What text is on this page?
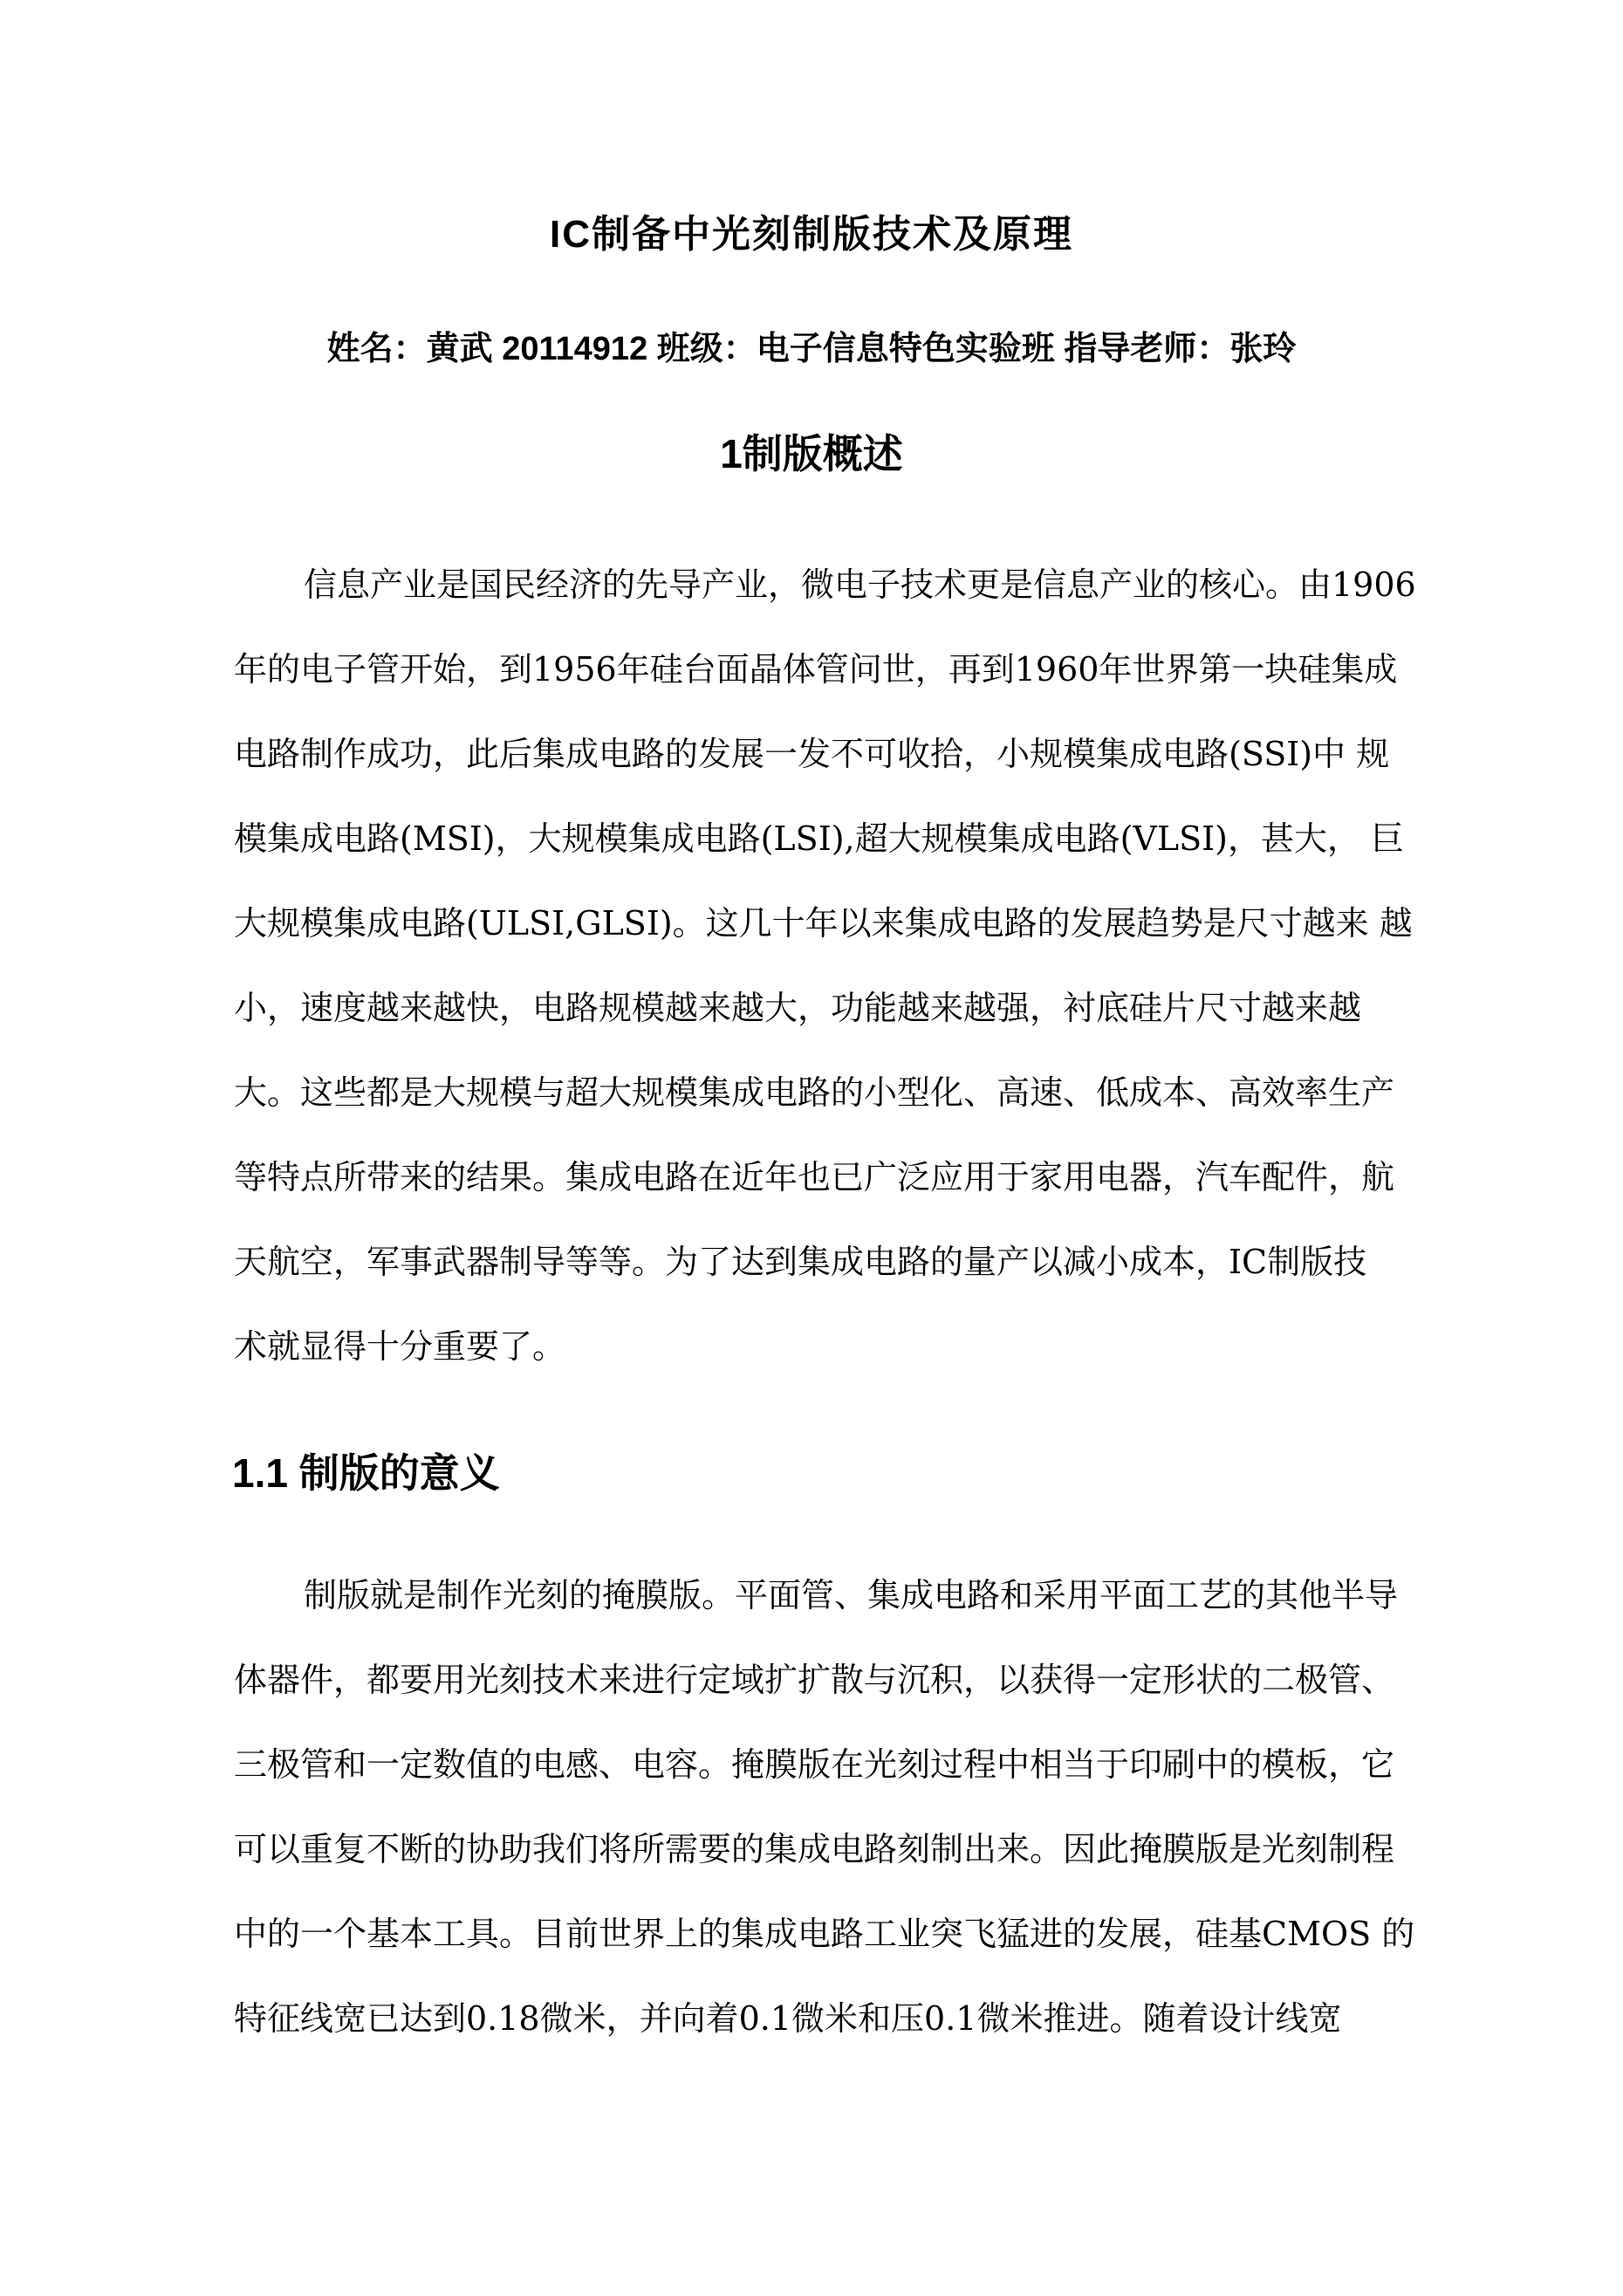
IC制备中光刻制版技术及原理
姓名：黄武 20114912 班级：电子信息特色实验班 指导老师：张玲
1制版概述
信息产业是国民经济的先导产业，微电子技术更是信息产业的核心。由1906
年的电子管开始，到1956年硅台面晶体管问世，再到1960年世界第一块硅集成
电路制作成功，此后集成电路的发展一发不可收拾，小规模集成电路(SSI)中 规
模集成电路(MSI)，大规模集成电路(LSI),超大规模集成电路(VLSI)，甚大， 巨
大规模集成电路(ULSI,GLSI)。这几十年以来集成电路的发展趋势是尺寸越来 越
小，速度越来越快，电路规模越来越大，功能越来越强，衬底硅片尺寸越来越
大。这些都是大规模与超大规模集成电路的小型化、高速、低成本、高效率生产
等特点所带来的结果。集成电路在近年也已广泛应用于家用电器，汽车配件，航
天航空，军事武器制导等等。为了达到集成电路的量产以减小成本，IC制版技
术就显得十分重要了。
1.1 制版的意义
制版就是制作光刻的掩膜版。平面管、集成电路和采用平面工艺的其他半导
体器件，都要用光刻技术来进行定域扩扩散与沉积，以获得一定形状的二极管、
三极管和一定数值的电感、电容。掩膜版在光刻过程中相当于印刷中的模板，它
可以重复不断的协助我们将所需要的集成电路刻制出来。因此掩膜版是光刻制程
中的一个基本工具。目前世界上的集成电路工业突飞猛进的发展，硅基CMOS 的
特征线宽已达到0.18微米，并向着0.1微米和压0.1微米推进。随着设计线宽
